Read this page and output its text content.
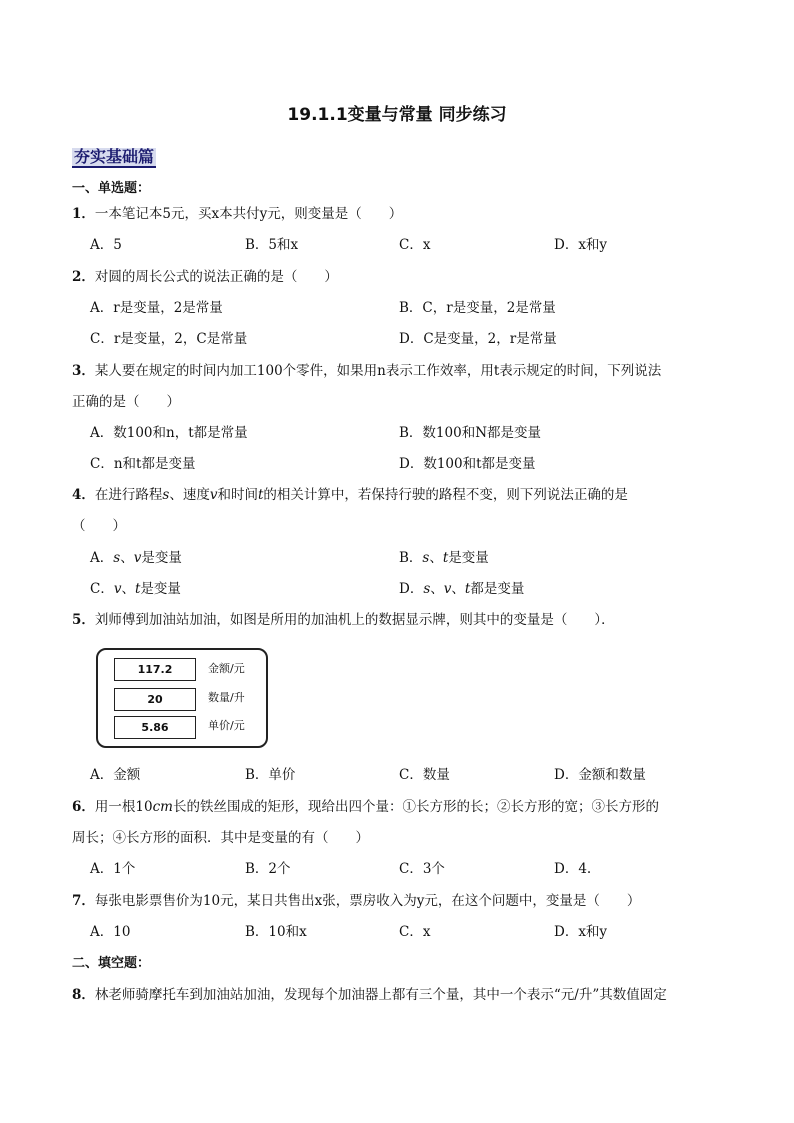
19.1.1变量与常量 同步练习
夯实基础篇
一、单选题：
1．一本笔记本5元，买x本共付y元，则变量是（　　）
A．5	B．5和x	C．x	D．x和y
2．对圆的周长公式的说法正确的是（　　）
A．r是变量，2是常量	B．C，r是变量，2是常量
C．r是变量，2，C是常量	D．C是变量，2，r是常量
3．某人要在规定的时间内加工100个零件，如果用n表示工作效率，用t表示规定的时间，下列说法
正确的是（　　）
A．数100和n，t都是常量	B．数100和N都是变量
C．n和t都是变量	D．数100和t都是变量
4．在进行路程s、速度v和时间t的相关计算中，若保持行驶的路程不变，则下列说法正确的是
（　　）
A．s、v是变量	B．s、t是变量
C．v、t是变量	D．s、v、t都是变量
5．刘师傅到加油站加油，如图是所用的加油机上的数据显示牌，则其中的变量是（　　）．
117.2	金额/元
20	数量/升
5.86	单价/元
A．金额	B．单价	C．数量	D．金额和数量
6．用一根10cm长的铁丝围成的矩形，现给出四个量：①长方形的长；②长方形的宽；③长方形的
周长；④长方形的面积．其中是变量的有（　　）
A．1个	B．2个	C．3个	D．4.
7．每张电影票售价为10元，某日共售出x张，票房收入为y元，在这个问题中，变量是（　　）
A．10	B．10和x	C．x	D．x和y
二、填空题：
8．林老师骑摩托车到加油站加油，发现每个加油器上都有三个量，其中一个表示“元/升”其数值固定
